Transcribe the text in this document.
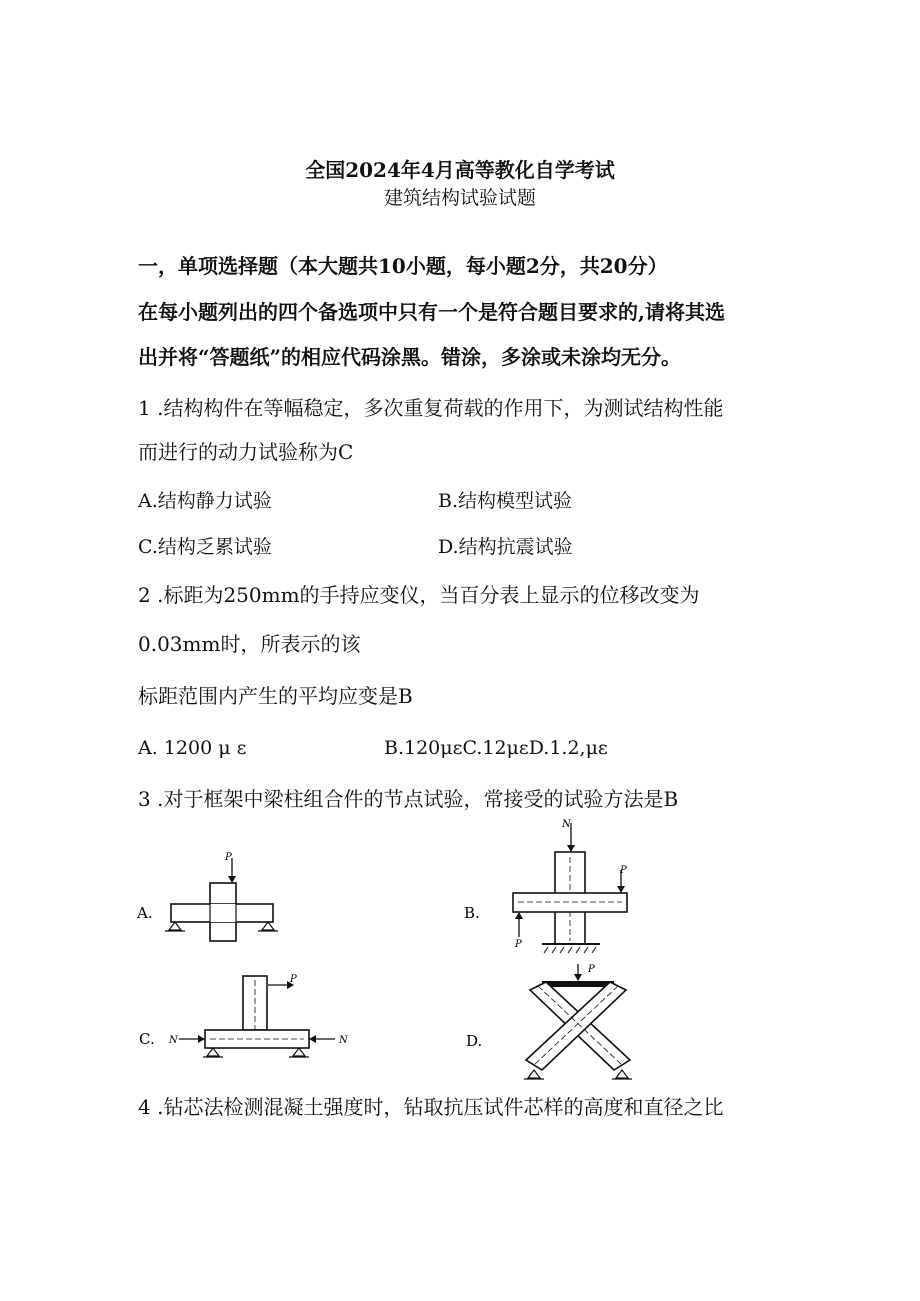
全国2024年4月高等教化自学考试
建筑结构试验试题
一，单项选择题（本大题共10小题，每小题2分，共20分）
在每小题列出的四个备选项中只有一个是符合题目要求的,请将其选
出并将“答题纸”的相应代码涂黑。错涂，多涂或未涂均无分。
1 .结构构件在等幅稳定，多次重复荷载的作用下，为测试结构性能
而进行的动力试验称为C
A.结构静力试验	B.结构模型试验
C.结构乏累试验	D.结构抗震试验
2 .标距为250mm的手持应变仪，当百分表上显示的位移改变为
0.03mm时，所表示的该
标距范围内产生的平均应变是B
A. 1200 μ ε	B.120μεC.12μεD.1.2,με
3 .对于框架中梁柱组合件的节点试验，常接受的试验方法是B
A.
P
B.
N
P
P
C.
P
N	N	D.
P
4 .钻芯法检测混凝土强度时，钻取抗压试件芯样的高度和直径之比
